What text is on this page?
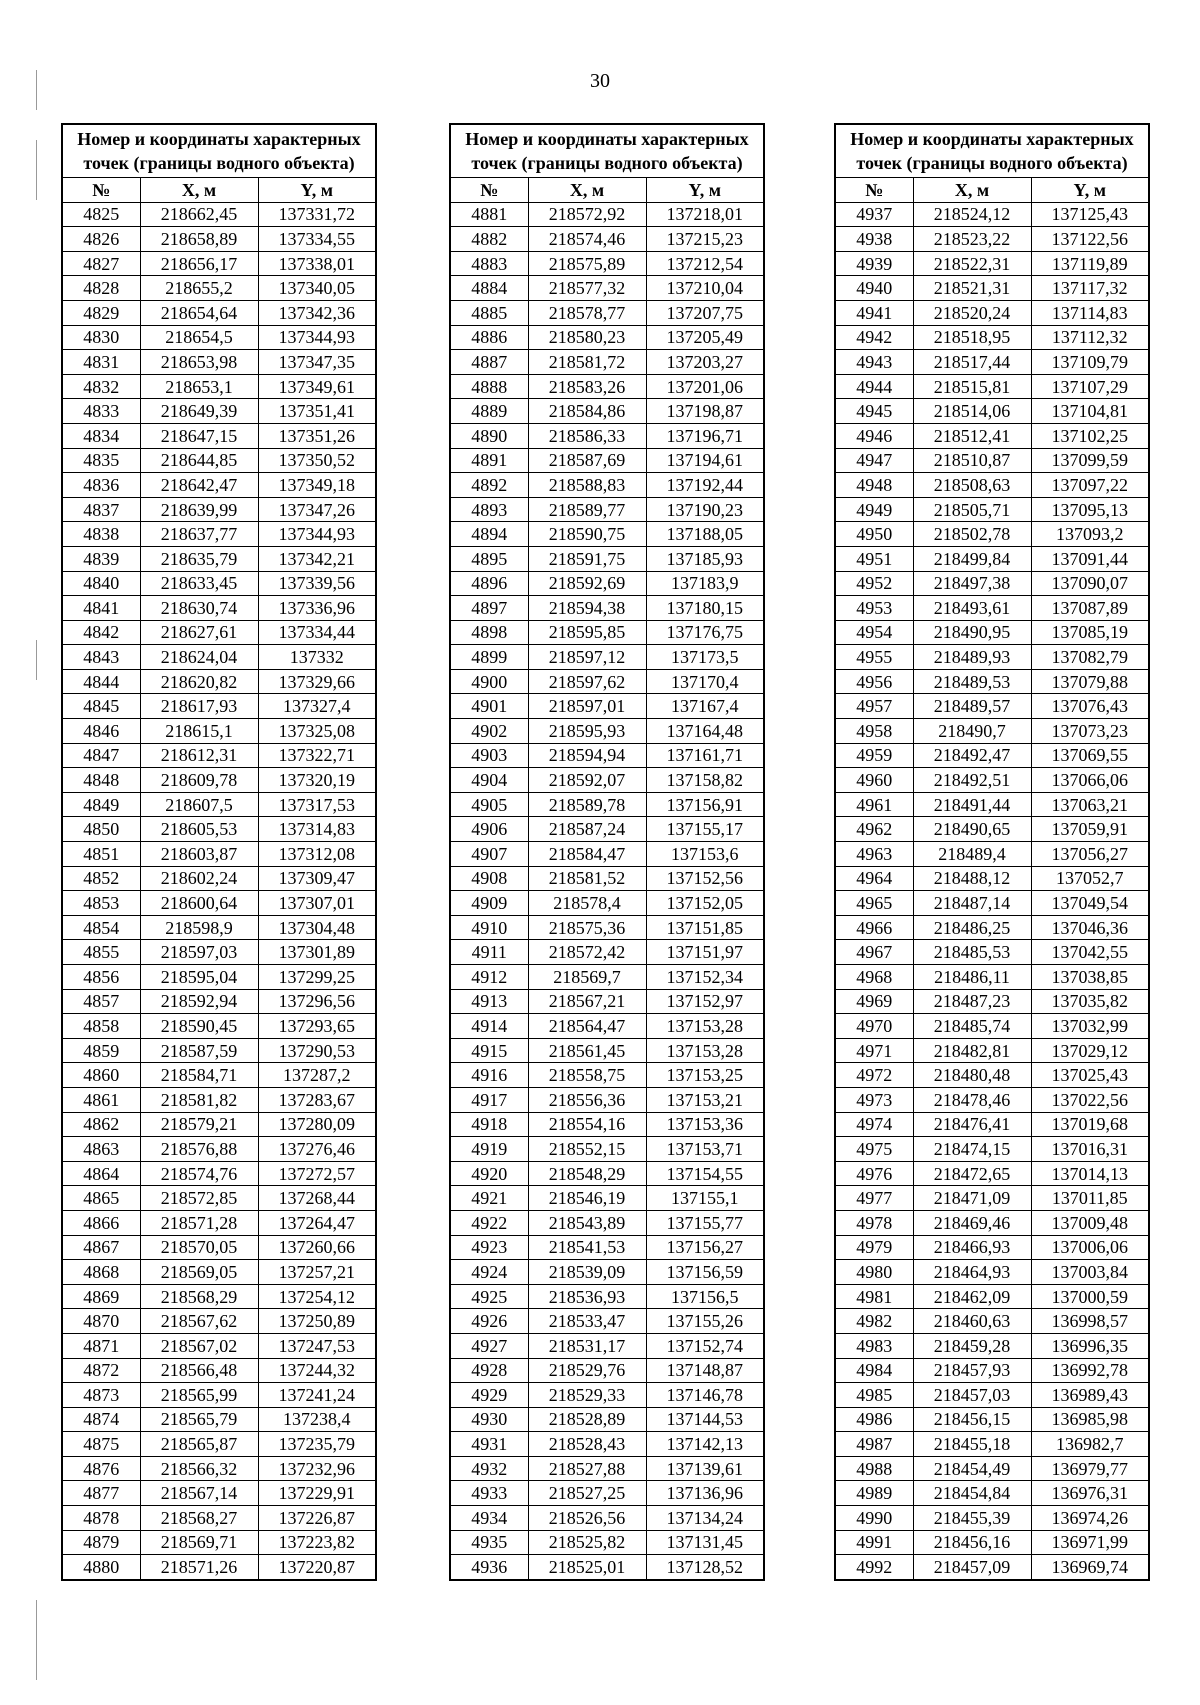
30
Номер и координаты характерных точек (границы водного объекта)		
№	X, м	Y, м
4825	218662,45	137331,72
4826	218658,89	137334,55
4827	218656,17	137338,01
4828	218655,2	137340,05
4829	218654,64	137342,36
4830	218654,5	137344,93
4831	218653,98	137347,35
4832	218653,1	137349,61
4833	218649,39	137351,41
4834	218647,15	137351,26
4835	218644,85	137350,52
4836	218642,47	137349,18
4837	218639,99	137347,26
4838	218637,77	137344,93
4839	218635,79	137342,21
4840	218633,45	137339,56
4841	218630,74	137336,96
4842	218627,61	137334,44
4843	218624,04	137332
4844	218620,82	137329,66
4845	218617,93	137327,4
4846	218615,1	137325,08
4847	218612,31	137322,71
4848	218609,78	137320,19
4849	218607,5	137317,53
4850	218605,53	137314,83
4851	218603,87	137312,08
4852	218602,24	137309,47
4853	218600,64	137307,01
4854	218598,9	137304,48
4855	218597,03	137301,89
4856	218595,04	137299,25
4857	218592,94	137296,56
4858	218590,45	137293,65
4859	218587,59	137290,53
4860	218584,71	137287,2
4861	218581,82	137283,67
4862	218579,21	137280,09
4863	218576,88	137276,46
4864	218574,76	137272,57
4865	218572,85	137268,44
4866	218571,28	137264,47
4867	218570,05	137260,66
4868	218569,05	137257,21
4869	218568,29	137254,12
4870	218567,62	137250,89
4871	218567,02	137247,53
4872	218566,48	137244,32
4873	218565,99	137241,24
4874	218565,79	137238,4
4875	218565,87	137235,79
4876	218566,32	137232,96
4877	218567,14	137229,91
4878	218568,27	137226,87
4879	218569,71	137223,82
4880	218571,26	137220,87
Номер и координаты характерных точек (границы водного объекта)		
№	X, м	Y, м
4881	218572,92	137218,01
4882	218574,46	137215,23
4883	218575,89	137212,54
4884	218577,32	137210,04
4885	218578,77	137207,75
4886	218580,23	137205,49
4887	218581,72	137203,27
4888	218583,26	137201,06
4889	218584,86	137198,87
4890	218586,33	137196,71
4891	218587,69	137194,61
4892	218588,83	137192,44
4893	218589,77	137190,23
4894	218590,75	137188,05
4895	218591,75	137185,93
4896	218592,69	137183,9
4897	218594,38	137180,15
4898	218595,85	137176,75
4899	218597,12	137173,5
4900	218597,62	137170,4
4901	218597,01	137167,4
4902	218595,93	137164,48
4903	218594,94	137161,71
4904	218592,07	137158,82
4905	218589,78	137156,91
4906	218587,24	137155,17
4907	218584,47	137153,6
4908	218581,52	137152,56
4909	218578,4	137152,05
4910	218575,36	137151,85
4911	218572,42	137151,97
4912	218569,7	137152,34
4913	218567,21	137152,97
4914	218564,47	137153,28
4915	218561,45	137153,28
4916	218558,75	137153,25
4917	218556,36	137153,21
4918	218554,16	137153,36
4919	218552,15	137153,71
4920	218548,29	137154,55
4921	218546,19	137155,1
4922	218543,89	137155,77
4923	218541,53	137156,27
4924	218539,09	137156,59
4925	218536,93	137156,5
4926	218533,47	137155,26
4927	218531,17	137152,74
4928	218529,76	137148,87
4929	218529,33	137146,78
4930	218528,89	137144,53
4931	218528,43	137142,13
4932	218527,88	137139,61
4933	218527,25	137136,96
4934	218526,56	137134,24
4935	218525,82	137131,45
4936	218525,01	137128,52
Номер и координаты характерных точек (границы водного объекта)		
№	X, м	Y, м
4937	218524,12	137125,43
4938	218523,22	137122,56
4939	218522,31	137119,89
4940	218521,31	137117,32
4941	218520,24	137114,83
4942	218518,95	137112,32
4943	218517,44	137109,79
4944	218515,81	137107,29
4945	218514,06	137104,81
4946	218512,41	137102,25
4947	218510,87	137099,59
4948	218508,63	137097,22
4949	218505,71	137095,13
4950	218502,78	137093,2
4951	218499,84	137091,44
4952	218497,38	137090,07
4953	218493,61	137087,89
4954	218490,95	137085,19
4955	218489,93	137082,79
4956	218489,53	137079,88
4957	218489,57	137076,43
4958	218490,7	137073,23
4959	218492,47	137069,55
4960	218492,51	137066,06
4961	218491,44	137063,21
4962	218490,65	137059,91
4963	218489,4	137056,27
4964	218488,12	137052,7
4965	218487,14	137049,54
4966	218486,25	137046,36
4967	218485,53	137042,55
4968	218486,11	137038,85
4969	218487,23	137035,82
4970	218485,74	137032,99
4971	218482,81	137029,12
4972	218480,48	137025,43
4973	218478,46	137022,56
4974	218476,41	137019,68
4975	218474,15	137016,31
4976	218472,65	137014,13
4977	218471,09	137011,85
4978	218469,46	137009,48
4979	218466,93	137006,06
4980	218464,93	137003,84
4981	218462,09	137000,59
4982	218460,63	136998,57
4983	218459,28	136996,35
4984	218457,93	136992,78
4985	218457,03	136989,43
4986	218456,15	136985,98
4987	218455,18	136982,7
4988	218454,49	136979,77
4989	218454,84	136976,31
4990	218455,39	136974,26
4991	218456,16	136971,99
4992	218457,09	136969,74
